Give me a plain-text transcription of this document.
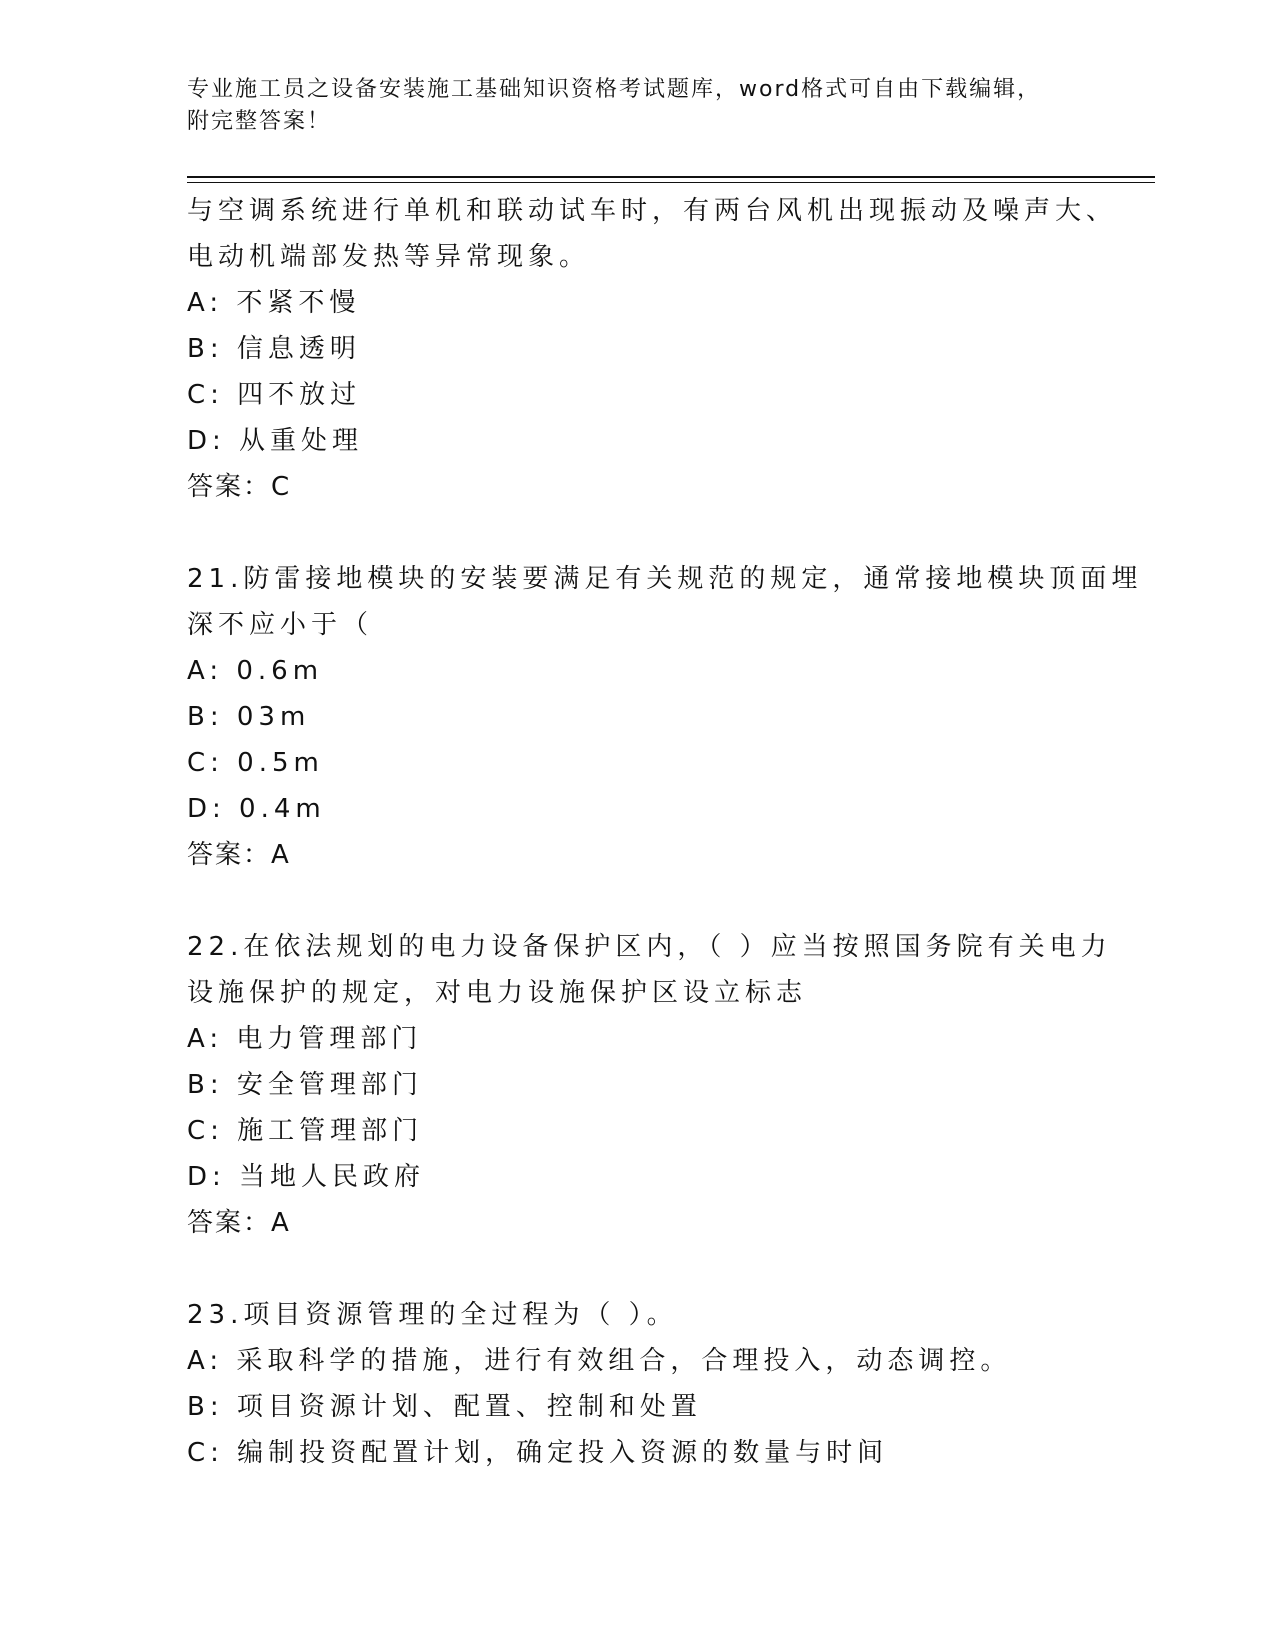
专业施工员之设备安装施工基础知识资格考试题库，word格式可自由下载编辑，
附完整答案！
与空调系统进行单机和联动试车时，有两台风机出现振动及噪声大、
电动机端部发热等异常现象。
A: 不紧不慢
B: 信息透明
C: 四不放过
D: 从重处理
答案：C
21.防雷接地模块的安装要满足有关规范的规定，通常接地模块顶面埋
深不应小于（
A: 0.6m
B: 03m
C: 0.5m
D: 0.4m
答案：A
22.在依法规划的电力设备保护区内，（ ）应当按照国务院有关电力
设施保护的规定，对电力设施保护区设立标志
A: 电力管理部门
B: 安全管理部门
C: 施工管理部门
D: 当地人民政府
答案：A
23.项目资源管理的全过程为（ ）。
A: 采取科学的措施，进行有效组合，合理投入，动态调控。
B: 项目资源计划、配置、控制和处置
C: 编制投资配置计划，确定投入资源的数量与时间
